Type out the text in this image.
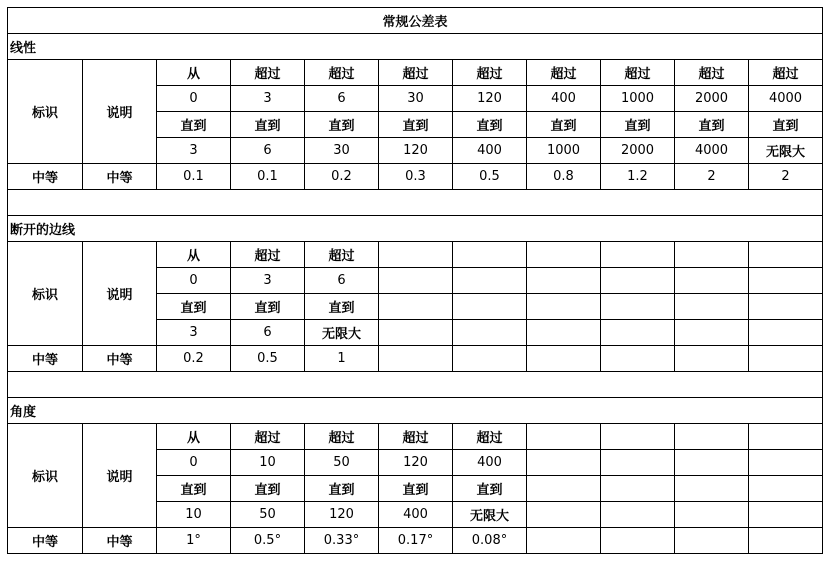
常规公差表										
线性										
标识	说明	从	超过	超过	超过	超过	超过	超过	超过	超过
		0	3	6	30	120	400	1000	2000	4000
		直到	直到	直到	直到	直到	直到	直到	直到	直到
		3	6	30	120	400	1000	2000	4000	无限大
中等	中等	0.1	0.1	0.2	0.3	0.5	0.8	1.2	2	2

断开的边线										
标识	说明	从	超过	超过						
		0	3	6						
		直到	直到	直到						
		3	6	无限大						
中等	中等	0.2	0.5	1						

角度										
标识	说明	从	超过	超过	超过	超过				
		0	10	50	120	400				
		直到	直到	直到	直到	直到				
		10	50	120	400	无限大				
中等	中等	1°	0.5°	0.33°	0.17°	0.08°				
